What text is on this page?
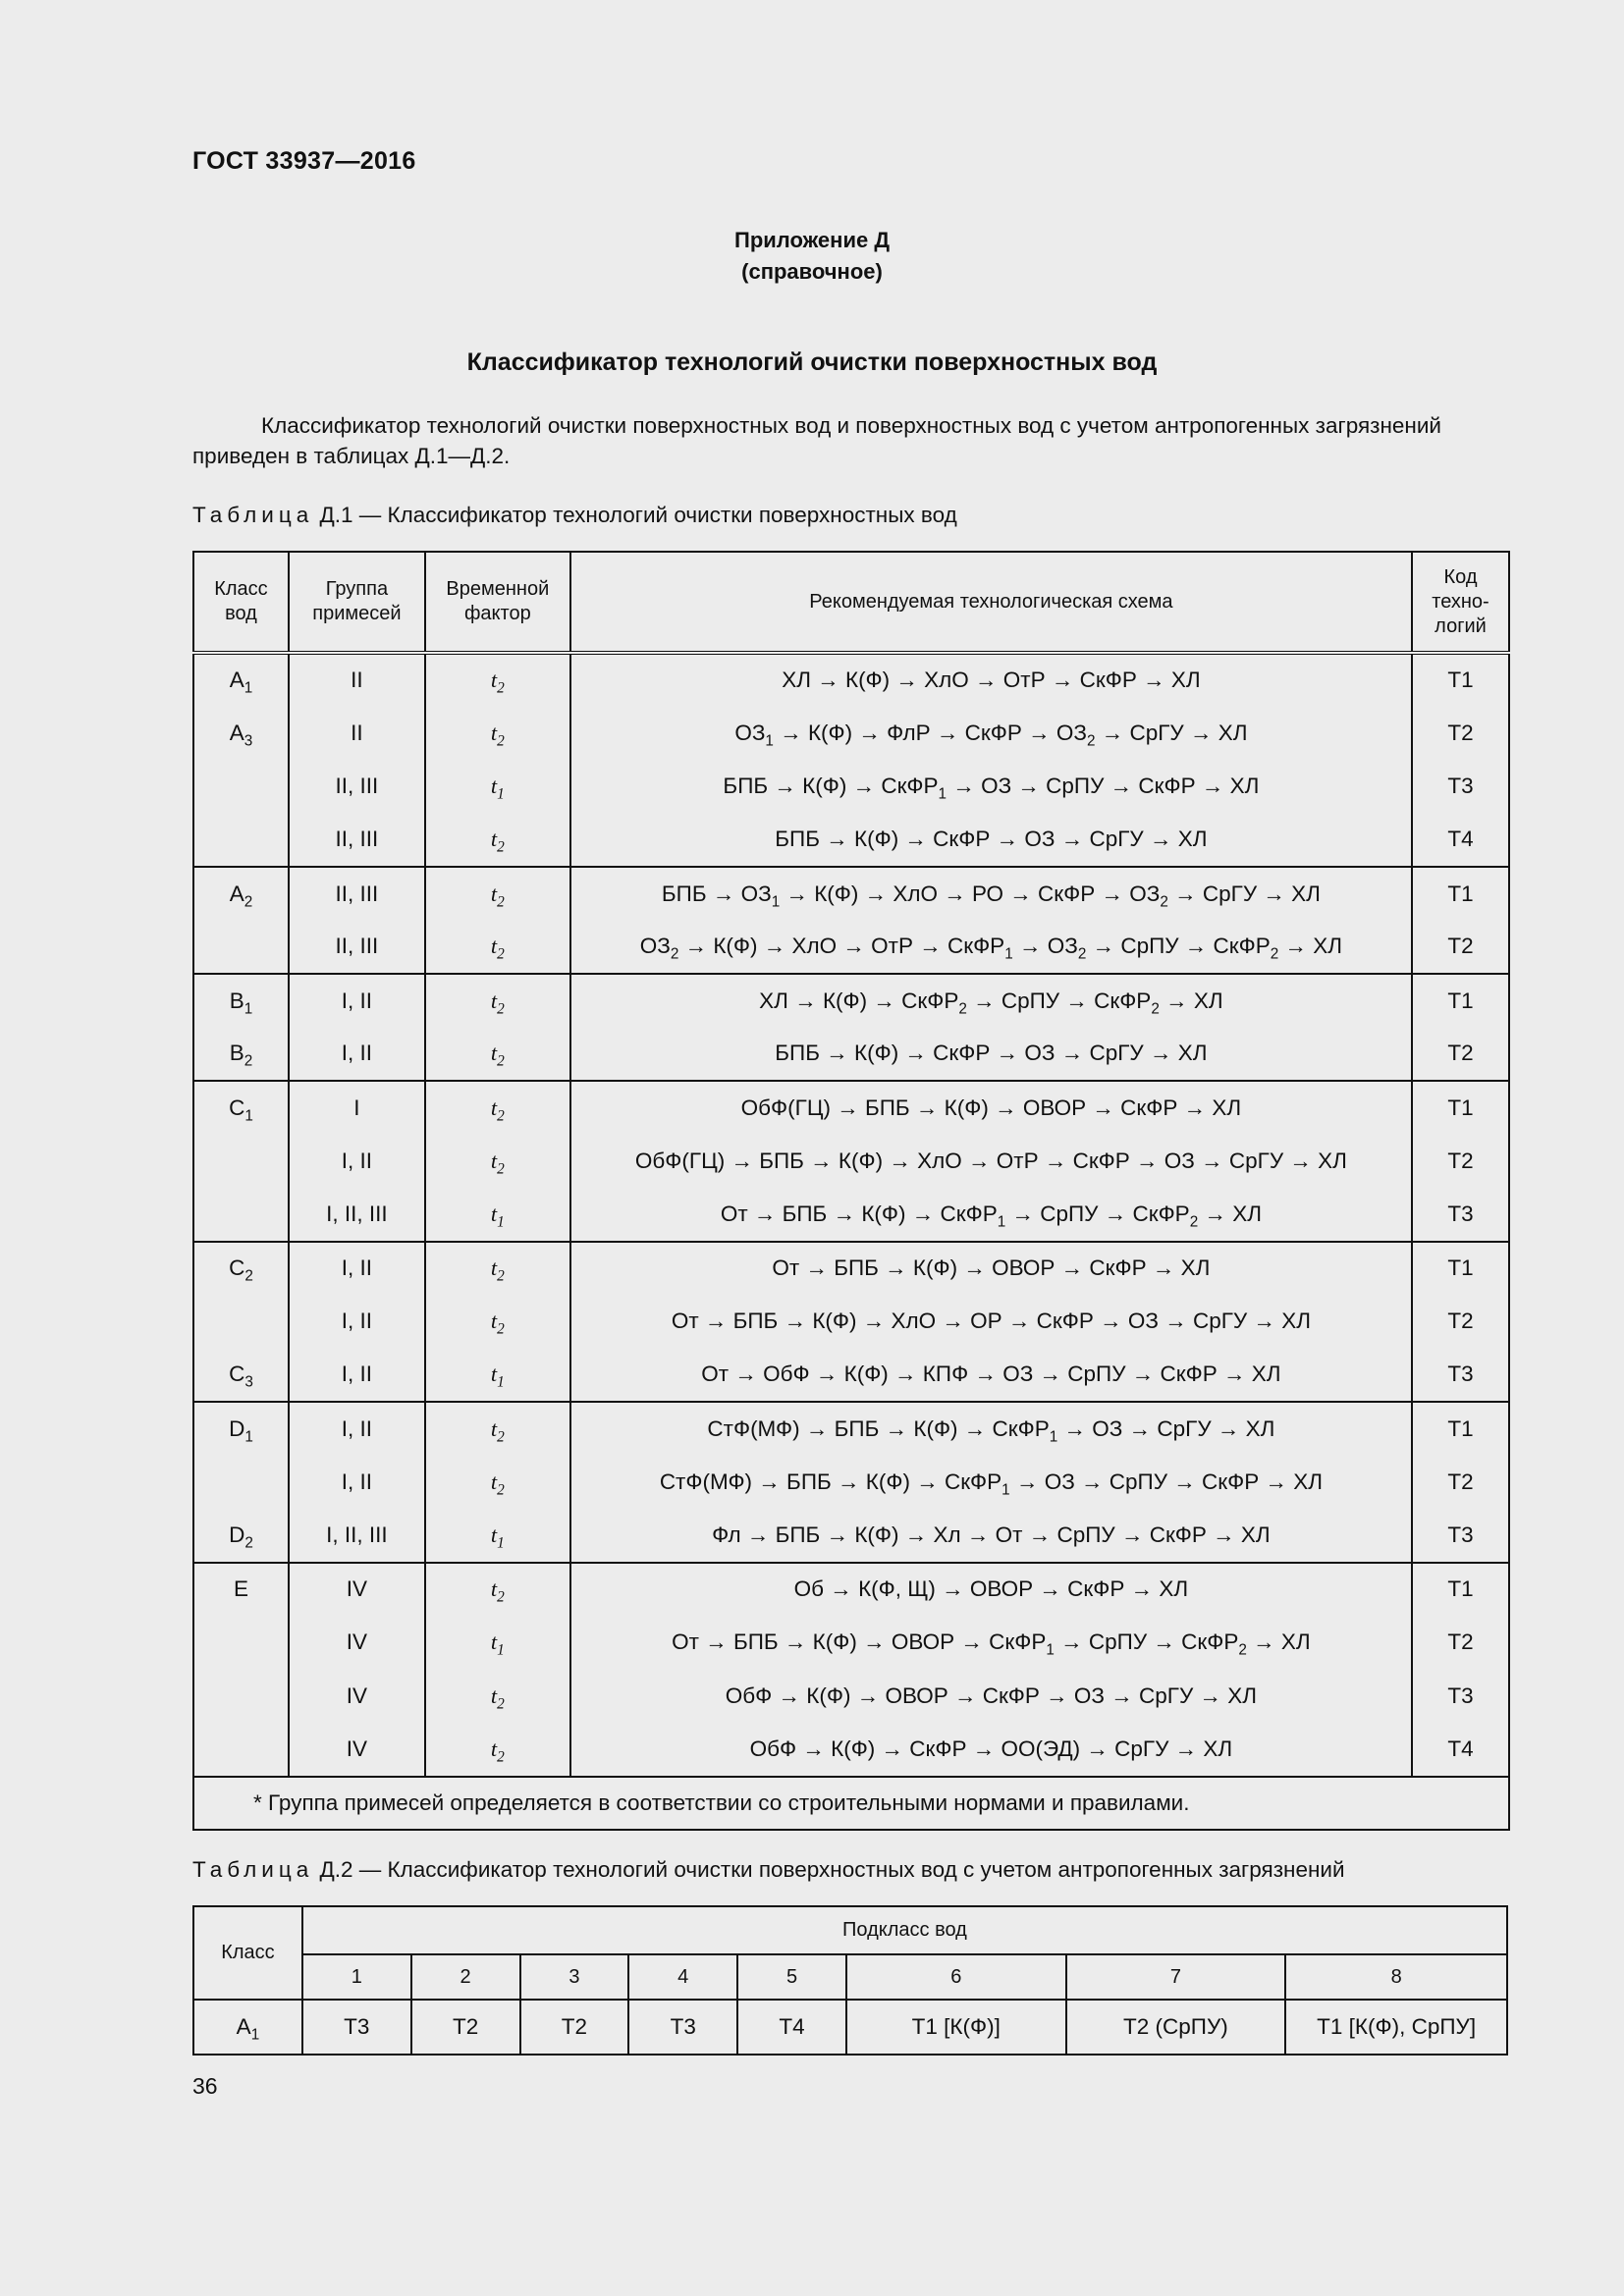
ГОСТ 33937—2016
Приложение Д
(справочное)
Классификатор технологий очистки поверхностных вод

Классификатор технологий очистки поверхностных вод и поверхностных вод с учетом антропогенных загрязнений приведен в таблицах Д.1—Д.2.

Таблица Д.1 — Классификатор технологий очистки поверхностных вод
Класс вод	Группа примесей	Временной фактор	Рекомендуемая технологическая схема	Код техно-логий
$A_1$	II	$t_2$	ХЛ → К(Ф) → ХлО → ОтР → СкФР → ХЛ	Т1
$A_3$	II	$t_2$	$ОЗ_1 \to К(Ф)$ → ФлР → СкФР → $ОЗ_2$ → СрГУ → ХЛ	Т2
	II, III	$t_1$	БПБ → К(Ф) → СкФР$_1$ → ОЗ → СрПУ → СкФР → ХЛ	Т3
	II, III	$t_2$	БПБ → К(Ф) → СкФР → ОЗ → СрГУ → ХЛ	Т4
$A_2$	II, III	$t_2$	БПБ → $ОЗ_1 \to К(Ф)$ → ХлО → РО → СкФР → $ОЗ_2$ → СрГУ → ХЛ	Т1
	II, III	$t_2$	$ОЗ_2 \to К(Ф)$ → ХлО → ОтР → СкФР$_1$ → $ОЗ_2$ → СрПУ → СкФР$_2$ → ХЛ	Т2
$B_1$	I, II	$t_2$	ХЛ → К(Ф) → СкФР$_2$ → СрПУ → СкФР$_2$ → ХЛ	Т1
$B_2$	I, II	$t_2$	БПБ → К(Ф) → СкФР → ОЗ → СрГУ → ХЛ	Т2
$C_1$	I	$t_2$	ОбФ(ГЦ) → БПБ → К(Ф) → ОВОР → СкФР → ХЛ	Т1
	I, II	$t_2$	ОбФ(ГЦ) → БПБ → К(Ф) → ХлО → ОтР → СкФР → ОЗ → СрГУ → ХЛ	Т2
	I, II, III	$t_1$	От → БПБ → К(Ф) → СкФР$_1$ → СрПУ → СкФР$_2$ → ХЛ	Т3
$C_2$	I, II	$t_2$	От → БПБ → К(Ф) → ОВОР → СкФР → ХЛ	Т1
	I, II	$t_2$	От → БПБ → К(Ф) → ХлО → ОР → СкФР → ОЗ → СрГУ → ХЛ	Т2
$C_3$	I, II	$t_1$	От → ОбФ → К(Ф) → КПФ → ОЗ → СрПУ → СкФР → ХЛ	Т3
$D_1$	I, II	$t_2$	СтФ(МФ) → БПБ → К(Ф) → СкФР$_1$ → ОЗ → СрГУ → ХЛ	Т1
	I, II	$t_2$	СтФ(МФ) → БПБ → К(Ф) → СкФР$_1$ → ОЗ → СрПУ → СкФР → ХЛ	Т2
$D_2$	I, II, III	$t_1$	Фл → БПБ → К(Ф) → Хл → От → СрПУ → СкФР → ХЛ	Т3
E	IV	$t_2$	Об → К(Ф, Щ) → ОВОР → СкФР → ХЛ	Т1
	IV	$t_1$	От → БПБ → К(Ф) → ОВОР → СкФР$_1$ → СрПУ → СкФР$_2$ → ХЛ	Т2
	IV	$t_2$	ОбФ → К(Ф) → ОВОР → СкФР → ОЗ → СрГУ → ХЛ	Т3
	IV	$t_2$	ОбФ → К(Ф) → СкФР → ОО(ЭД) → СрГУ → ХЛ	Т4
* Группа примесей определяется в соответствии со строительными нормами и правилами.				
Таблица Д.2 — Классификатор технологий очистки поверхностных вод с учетом антропогенных загрязнений
Класс	Подкласс вод							
	1	2	3	4	5	6	7	8
$A_1$	Т3	Т2	Т2	Т3	Т4	Т1 [К(Ф)]	Т2 (СрПУ)	Т1 [К(Ф), СрПУ]
36
